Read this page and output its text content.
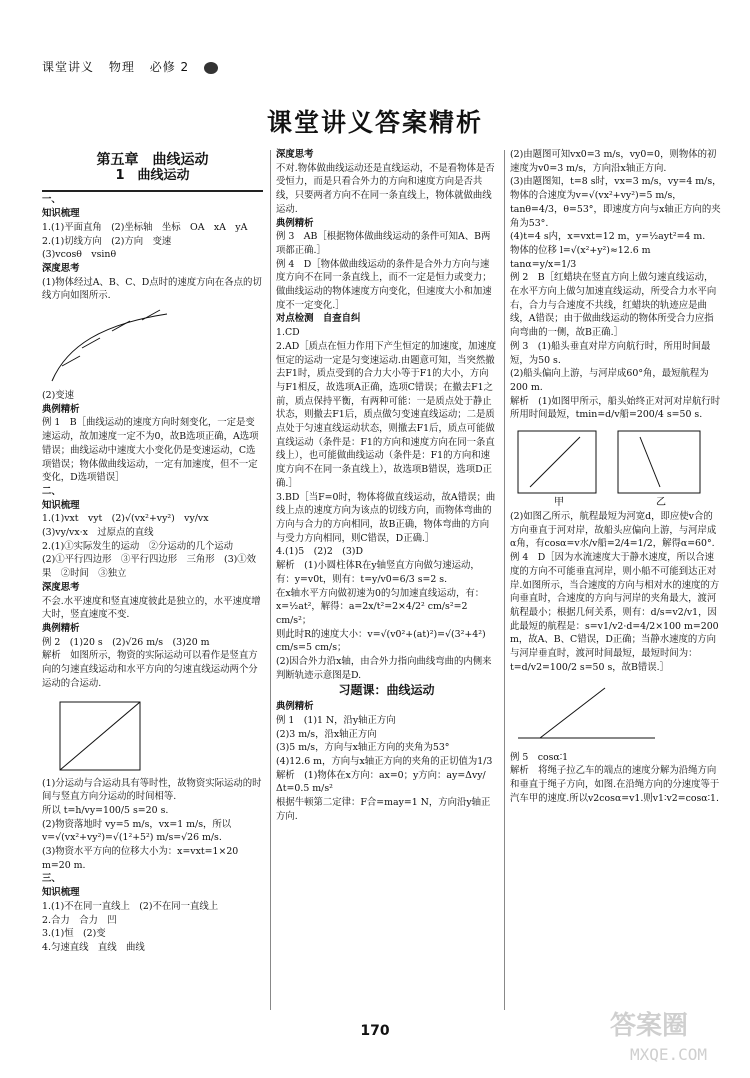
课堂讲义 物理 必修 2
课堂讲义答案精析
第五章　曲线运动
1　曲线运动

一、

知识梳理

1.(1)平面直角　(2)坐标轴　坐标　OA　xA　yA

2.(1)切线方向　(2)方向　变速

(3)vcosθ　vsinθ

深度思考

(1)物体经过A、B、C、D点时的速度方向在各点的切线方向如图所示.

(2)变速

典例精析

例 1　B［曲线运动的速度方向时刻变化，一定是变速运动，故加速度一定不为0，故B选项正确，A选项错误；曲线运动中速度大小变化仍是变速运动，C选项错误；物体做曲线运动，一定有加速度，但不一定变化，D选项错误］

二、

知识梳理

1.(1)vxt　vyt　(2)√(vx²+vy²)　vy/vx

(3)vy/vx·x　过原点的直线

2.(1)①实际发生的运动　②分运动的几个运动　(2)①平行四边形　③平行四边形　三角形　(3)①效果　②时间　③独立

深度思考

不会.水平速度和竖直速度彼此是独立的，水平速度增大时，竖直速度不变.

典例精析

例 2　(1)20 s　(2)√26 m/s　(3)20 m

解析　如图所示，物资的实际运动可以看作是竖直方向的匀速直线运动和水平方向的匀速直线运动两个分运动的合运动.

(1)分运动与合运动具有等时性，故物资实际运动的时间与竖直方向分运动的时间相等.

所以 t=h/vy=100/5 s=20 s.

(2)物资落地时 vy=5 m/s，vx=1 m/s，所以 v=√(vx²+vy²)=√(1²+5²) m/s=√26 m/s.

(3)物资水平方向的位移大小为：x=vxt=1×20 m=20 m.

三、

知识梳理

1.(1)不在同一直线上　(2)不在同一直线上

2.合力　合力　凹

3.(1)恒　(2)变

4.匀速直线　直线　曲线

深度思考

不对.物体做曲线运动还是直线运动，不是看物体是否受恒力，而是只看合外力的方向和速度方向是否共线，只要两者方向不在同一条直线上，物体就做曲线运动.

典例精析

例 3　AB［根据物体做曲线运动的条件可知A、B两项都正确.］

例 4　D［物体做曲线运动的条件是合外力方向与速度方向不在同一条直线上，而不一定是恒力或变力；做曲线运动的物体速度方向变化，但速度大小和加速度不一定变化.］

对点检测　自查自纠

1.CD

2.AD［质点在恒力作用下产生恒定的加速度，加速度恒定的运动一定是匀变速运动.由题意可知，当突然撤去F1时，质点受到的合力大小等于F1的大小，方向与F1相反，故选项A正确，选项C错误；在撤去F1之前，质点保持平衡，有两种可能：一是质点处于静止状态，则撤去F1后，质点做匀变速直线运动；二是质点处于匀速直线运动状态，则撤去F1后，质点可能做直线运动（条件是：F1的方向和速度方向在同一条直线上），也可能做曲线运动（条件是：F1的方向和速度方向不在同一条直线上），故选项B错误，选项D正确.］

3.BD［当F=0时，物体将做直线运动，故A错误；曲线上点的速度方向为该点的切线方向，而物体弯曲的方向与合力的方向相同，故B正确，物体弯曲的方向与受力方向相同，则C错误，D正确.］

4.(1)5　(2)2　(3)D

解析　(1)小圆柱体R在y轴竖直方向做匀速运动，有：y=v0t，则有：t=y/v0=6/3 s=2 s.

在x轴水平方向做初速为0的匀加速直线运动，有：x=½at²，解得：a=2x/t²=2×4/2² cm/s²=2 cm/s²；

则此时R的速度大小：v=√(v0²+(at)²)=√(3²+4²) cm/s=5 cm/s；

(2)因合外力沿x轴，由合外力指向曲线弯曲的内侧来判断轨迹示意图是D.

习题课：曲线运动

典例精析

例 1　(1)1 N，沿y轴正方向

(2)3 m/s，沿x轴正方向

(3)5 m/s，方向与x轴正方向的夹角为53°

(4)12.6 m，方向与x轴正方向的夹角的正切值为1/3

解析　(1)物体在x方向：ax=0；y方向：ay=Δvy/Δt=0.5 m/s²

根据牛顿第二定律：F合=may=1 N，方向沿y轴正方向.

(2)由题图可知vx0=3 m/s，vy0=0，则物体的初速度为v0=3 m/s，方向沿x轴正方向.

(3)由题图知，t=8 s时，vx=3 m/s，vy=4 m/s，物体的合速度为v=√(vx²+vy²)=5 m/s，tanθ=4/3，θ=53°，即速度方向与x轴正方向的夹角为53°.

(4)t=4 s内，x=vxt=12 m，y=½ayt²=4 m.

物体的位移 l=√(x²+y²)≈12.6 m

tanα=y/x=1/3

例 2　B［红蜡块在竖直方向上做匀速直线运动，在水平方向上做匀加速直线运动，所受合力水平向右，合力与合速度不共线，红蜡块的轨迹应是曲线，A错误；由于做曲线运动的物体所受合力应指向弯曲的一侧，故B正确.］

例 3　(1)船头垂直对岸方向航行时，所用时间最短，为50 s.

(2)船头偏向上游，与河岸成60°角，最短航程为200 m.

解析　(1)如图甲所示，船头始终正对河对岸航行时所用时间最短，tmin=d/v船=200/4 s=50 s.

甲	乙

(2)如图乙所示，航程最短为河宽d，即应使v合的方向垂直于河对岸，故船头应偏向上游，与河岸成α角，有cosα=v水/v船=2/4=1/2，解得α=60°.

例 4　D［因为水流速度大于静水速度，所以合速度的方向不可能垂直河岸，则小船不可能到达正对岸.如图所示，当合速度的方向与相对水的速度的方向垂直时，合速度的方向与河岸的夹角最大，渡河航程最小；根据几何关系，则有：d/s=v2/v1，因此最短的航程是：s=v1/v2·d=4/2×100 m=200 m，故A、B、C错误，D正确；当静水速度的方向与河岸垂直时，渡河时间最短，最短时间为：t=d/v2=100/2 s=50 s，故B错误.］

例 5　cosα∶1

解析　将绳子拉乙车的端点的速度分解为沿绳方向和垂直于绳子方向，如图.在沿绳方向的分速度等于汽车甲的速度.所以v2cosα=v1.则v1∶v2=cosα∶1.

170	答案圈
MXQE.COM
